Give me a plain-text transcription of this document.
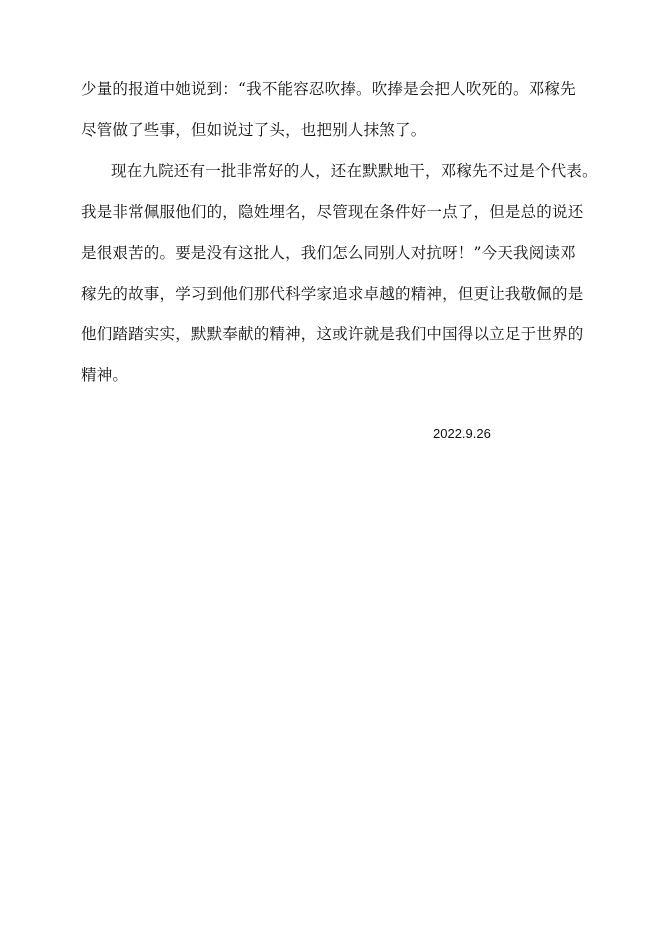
少量的报道中她说到：“我不能容忍吹捧。吹捧是会把人吹死的。邓稼先
尽管做了些事，但如说过了头，也把别人抹煞了。
现在九院还有一批非常好的人，还在默默地干，邓稼先不过是个代表。
我是非常佩服他们的，隐姓埋名，尽管现在条件好一点了，但是总的说还
是很艰苦的。要是没有这批人，我们怎么同别人对抗呀！”今天我阅读邓
稼先的故事，学习到他们那代科学家追求卓越的精神，但更让我敬佩的是
他们踏踏实实，默默奉献的精神，这或许就是我们中国得以立足于世界的
精神。
2022.9.26
